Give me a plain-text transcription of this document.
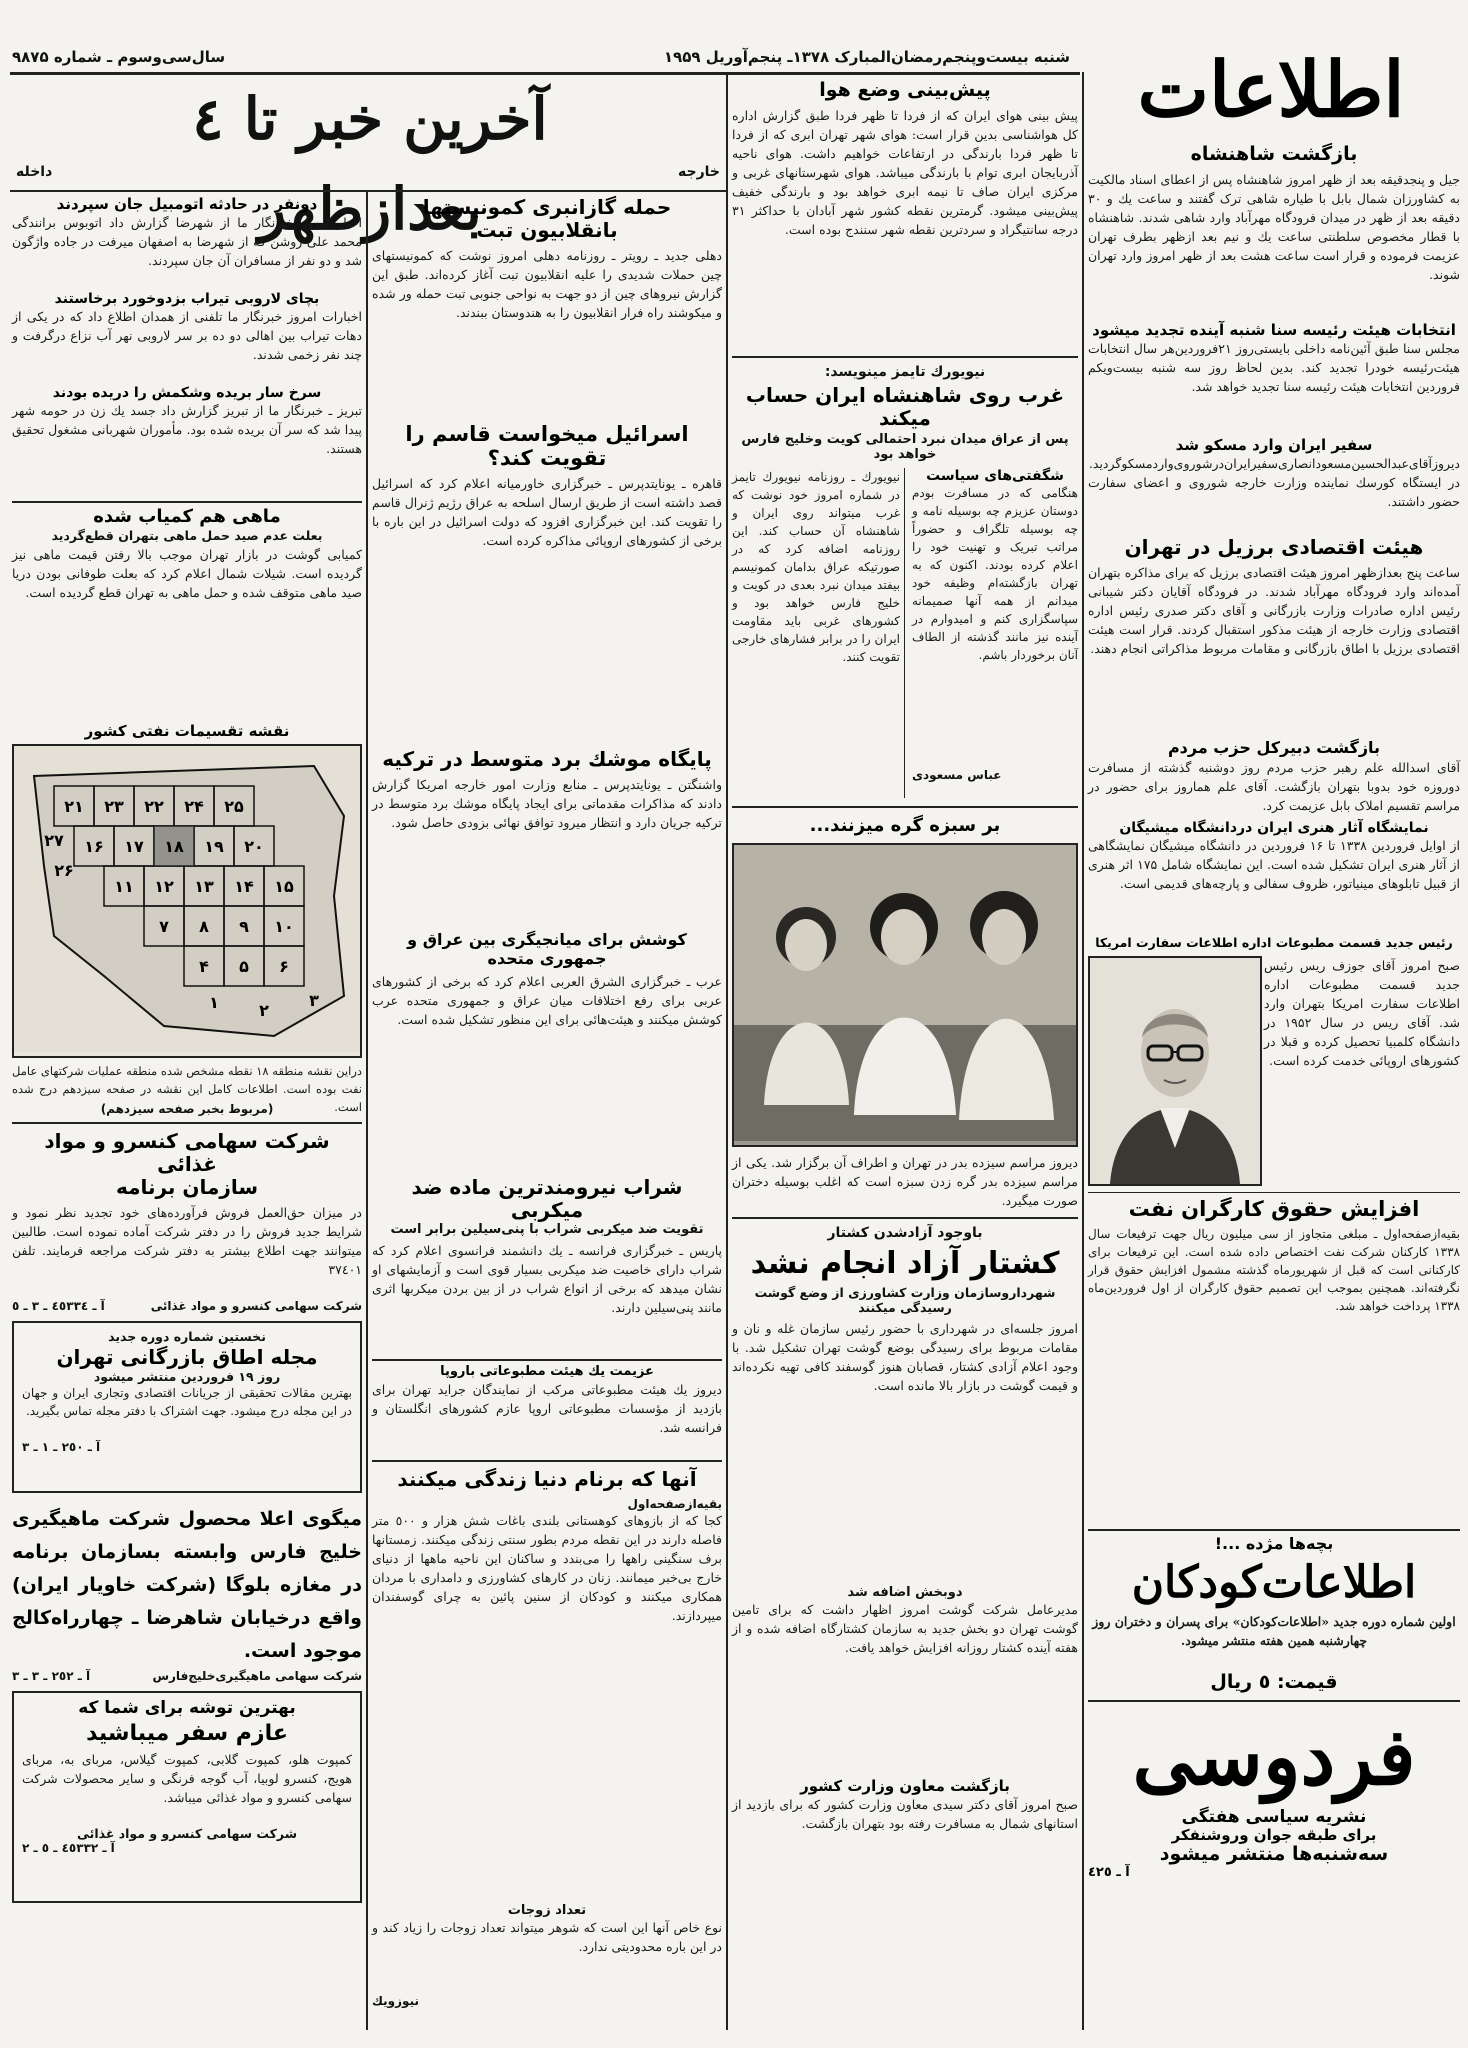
اطلاعات
شنبه بیست‌وپنجم‌رمضان‌المبارک ۱۳۷۸ـ پنجم‌آوریل ۱۹۵۹
سال‌سی‌وسوم ـ شماره ۹۸۷۵
آخرین خبر تا ٤ بعدازظهر
داخله	خارجه
بازگشت شاهنشاه
جیل و پنجدقیقه بعد از ظهر امروز شاهنشاه پس از اعطای اسناد مالکیت به کشاورزان شمال بابل با طیاره شاهی ترک گفتند و ساعت یك و ۳۰ دقیقه بعد از ظهر در میدان فرودگاه مهرآباد وارد شاهی شدند. شاهنشاه با قطار مخصوص سلطنتی ساعت یك و نیم بعد ازظهر بطرف تهران عزیمت فرموده و قرار است ساعت هشت بعد از ظهر امروز وارد تهران شوند.
انتخابات هیئت رئیسه سنا شنبه آینده تجدید میشود
مجلس سنا طبق آئین‌نامه داخلی بایستی‌روز ۲۱فروردین‌هر سال انتخابات هیئت‌رئیسه خودرا تجدید کند. بدین لحاظ روز سه شنبه بیست‌ویکم فروردین انتخابات هیئت رئیسه سنا تجدید خواهد شد.
سفیر ایران وارد مسکو شد
دیروزآقای‌عبدالحسین‌مسعود‌انصاری‌سفیر‌ایران‌درشوروی‌واردمسکوگردید. در ایستگاه کورسك نماینده وزارت خارجه شوروی و اعضای سفارت حضور داشتند.
هیئت اقتصادی برزیل در تهران
ساعت پنج بعدازظهر امروز هیئت اقتصادی برزیل که برای مذاکره بتهران آمده‌اند وارد فرودگاه مهرآباد شدند. در فرودگاه آقایان دکتر شیبانی رئیس اداره صادرات وزارت بازرگانی و آقای دکتر صدری رئیس اداره اقتصادی وزارت خارجه از هیئت مذکور استقبال کردند. قرار است هیئت اقتصادی برزیل با اطاق بازرگانی و مقامات مربوط مذاکراتی انجام دهند.
بازگشت دبیرکل حزب مردم
آقای اسدالله علم رهبر حزب مردم روز دوشنبه گذشته از مسافرت دوروزه خود بدوبا بتهران بازگشت. آقای علم هماروز برای حضور در مراسم تقسیم املاک بابل عزیمت کرد.
نمایشگاه آثار هنری ایران دردانشگاه میشیگان
از اوایل فروردین ۱۳۳۸ تا ۱۶ فروردین در دانشگاه میشیگان نمایشگاهی از آثار هنری ایران تشکیل شده است. این نمایشگاه شامل ۱۷۵ اثر هنری از قبیل تابلوهای مینیاتور، ظروف سفالی و پارچه‌های قدیمی است.
رئیس جدید قسمت مطبوعات اداره اطلاعات سفارت امریکا
صبح امروز آقای جوزف ریس رئیس جدید قسمت مطبوعات اداره اطلاعات سفارت امریکا بتهران وارد شد. آقای ریس در سال ۱۹۵۲ در دانشگاه کلمبیا تحصیل کرده و قبلا در کشورهای اروپائی خدمت کرده است.
افزایش حقوق کارگران نفت
بقیه‌ازصفحه‌اول ـ مبلغی متجاوز از سی میلیون ریال جهت ترفیعات سال ۱۳۳۸ کارکنان شرکت نفت اختصاص داده شده است. این ترفیعات برای کارکنانی است که قبل از شهریورماه گذشته مشمول افزایش حقوق قرار نگرفته‌اند. همچنین بموجب این تصمیم حقوق کارگران از اول فروردین‌ماه ۱۳۳۸ پرداخت خواهد شد.
بچه‌ها مژده ...!
اطلاعات‌کودکان
اولین شماره دوره جدید «اطلاعات‌کودکان» برای پسران و دختران روز چهارشنبه همین هفته منتشر میشود.
قیمت: ٥ ریال
فردوسی
نشریه سیاسی هفتگی
برای طبقه جوان وروشنفکر
سه‌شنبه‌ها منتشر میشود
آ ـ ٤٢٥
پیش‌بینی وضع هوا
پیش بینی هوای ایران که از فردا تا ظهر فردا طبق گزارش اداره کل هواشناسی بدین قرار است: هوای شهر تهران ابری که از فردا تا ظهر فردا بارندگی در ارتفاعات خواهیم داشت. هوای ناحیه آذربایجان ابری توام با بارندگی میباشد. هوای شهرستانهای غربی و مرکزی ایران صاف تا نیمه ابری خواهد بود و بارندگی خفیف پیش‌بینی میشود. گرمترین نقطه کشور شهر آبادان با حداکثر ۳۱ درجه سانتیگراد و سردترین نقطه شهر سنندج بوده است.
نیویورك تایمز مینویسد:
غرب روی شاهنشاه ایران حساب میکند
پس از عراق میدان نبرد احتمالی کویت وخلیج فارس خواهد بود
نیویورك ـ روزنامه نیویورك تایمز در شماره امروز خود نوشت که غرب میتواند روی ایران و شاهنشاه آن حساب کند. این روزنامه اضافه کرد که در صورتیکه عراق بدامان کمونیسم بیفتد میدان نبرد بعدی در کویت و خلیج فارس خواهد بود و کشورهای غربی باید مقاومت ایران را در برابر فشارهای خارجی تقویت کنند.
شگفتی‌های سیاست
هنگامی که در مسافرت بودم دوستان عزیزم چه بوسیله نامه و چه بوسیله تلگراف و حضوراً مراتب تبریک و تهنیت خود را اعلام کرده بودند. اکنون که به تهران بازگشته‌ام وظیفه خود میدانم از همه آنها صمیمانه سپاسگزاری کنم و امیدوارم در آینده نیز مانند گذشته از الطاف آنان برخوردار باشم.
عباس مسعودی
بر سبزه گره میزنند...
دیروز مراسم سیزده بدر در تهران و اطراف آن برگزار شد. یکی از مراسم سیزده بدر گره زدن سبزه است که اغلب بوسیله دختران صورت میگیرد.
باوجود آزادشدن کشتار
کشتار آزاد انجام نشد
شهرداروسازمان‌ وزارت‌ کشاورزی از وضع گوشت رسیدگی میکنند
امروز جلسه‌ای در شهرداری با حضور رئیس سازمان غله و نان و مقامات مربوط برای رسیدگی بوضع گوشت تهران تشکیل شد. با وجود اعلام آزادی کشتار، قصابان هنوز گوسفند کافی تهیه نکرده‌اند و قیمت گوشت در بازار بالا مانده است.
دوبخش اضافه شد
مدیرعامل شرکت گوشت امروز اظهار داشت که برای تامین گوشت تهران دو بخش جدید به سازمان کشتارگاه اضافه شده و از هفته آینده کشتار روزانه افزایش خواهد یافت.
بازگشت معاون وزارت کشور
صبح امروز آقای دکتر سیدی معاون وزارت کشور که برای بازدید از استانهای شمال به مسافرت رفته بود بتهران بازگشت.
حمله گازانبری کمونیستها بانقلابیون تبت
دهلی جدید ـ رویتر ـ روزنامه دهلی امروز نوشت که کمونیستهای چین حملات شدیدی را علیه انقلابیون تبت آغاز کرده‌اند. طبق این گزارش نیروهای چین از دو جهت به نواحی جنوبی تبت حمله ور شده و میکوشند راه فرار انقلابیون را به هندوستان ببندند.
اسرائیل میخواست قاسم را تقویت کند؟
قاهره ـ یونایتدپرس ـ خبرگزاری خاورمیانه اعلام کرد که اسرائیل قصد داشته است از طریق ارسال اسلحه به عراق رژیم ژنرال قاسم را تقویت کند. این خبرگزاری افزود که دولت اسرائیل در این باره با برخی از کشورهای اروپائی مذاکره کرده است.
پایگاه موشك برد متوسط در ترکیه
واشنگتن ـ یونایتدپرس ـ منابع وزارت امور خارجه امریکا گزارش دادند که مذاکرات مقدماتی برای ایجاد پایگاه موشك برد متوسط در ترکیه جریان دارد و انتظار میرود توافق نهائی بزودی حاصل شود.
کوشش برای میانجیگری بین عراق و جمهوری متحده
عرب ـ خبرگزاری الشرق العربی اعلام کرد که برخی از کشورهای عربی برای رفع اختلافات میان عراق و جمهوری متحده عرب کوشش میکنند و هیئت‌هائی برای این منظور تشکیل شده است.
شراب نیرومندترین ماده ضد میکربی
تقویت ضد میکربی شراب با پنی‌سیلین برابر است
پاریس ـ خبرگزاری فرانسه ـ یك دانشمند فرانسوی اعلام کرد که شراب دارای خاصیت ضد میکربی بسیار قوی است و آزمایشهای او نشان میدهد که برخی از انواع شراب در از بین بردن میکربها اثری مانند پنی‌سیلین دارند.
عزیمت یك هیئت مطبوعاتی باروپا
دیروز یك هیئت مطبوعاتی مرکب از نمایندگان جراید تهران برای بازدید از مؤسسات مطبوعاتی اروپا عازم کشورهای انگلستان و فرانسه شد.
آنها که برنام دنیا زندگی میکنند
بقیه‌ازصفحه‌اول
کجا که از بازوهای کوهستانی بلندی باغات شش هزار و ٥٠٠ متر فاصله دارند در این نقطه مردم بطور سنتی زندگی میکنند. زمستانها برف سنگینی راهها را می‌بندد و ساکنان این ناحیه ماهها از دنیای خارج بی‌خبر میمانند. زنان در کارهای کشاورزی و دامداری با مردان همکاری میکنند و کودکان از سنین پائین به چرای گوسفندان میپردازند.
تعداد زوجات
نوع خاص آنها این است که شوهر میتواند تعداد زوجات را زیاد کند و در این باره محدودیتی ندارد.
نیوزویك
دونفر در حادثه اتومبیل جان سپردند
اخبار امروز خبرنگار ما از شهرضا گزارش داد اتوبوس برانندگی محمد علی روشن که از شهرضا به اصفهان میرفت در جاده واژگون شد و دو نفر از مسافران آن جان سپردند.
بچای لاروبی تیراب بزدوخورد برخاستند
اخبارات امروز خبرنگار ما تلفنی از همدان اطلاع داد که در یکی از دهات تیراب بین اهالی دو ده بر سر لاروبی نهر آب نزاع درگرفت و چند نفر زخمی شدند.
سرخ سار بریده وشکمش را دریده بودند
تبریز ـ خبرنگار ما از تبریز گزارش داد جسد یك زن در حومه شهر پیدا شد که سر آن بریده شده بود. مأموران شهربانی مشغول تحقیق هستند.
ماهی هم کمیاب شده
بعلت عدم صید حمل ماهی بتهران قطع‌گردید
کمیابی گوشت در بازار تهران موجب بالا رفتن قیمت ماهی نیز گردیده است. شیلات شمال اعلام کرد که بعلت طوفانی بودن دریا صید ماهی متوقف شده و حمل ماهی به تهران قطع گردیده است.
نقشه تقسیمات نفتی کشور
۲۵
۲۴
۲۲
۲۳
۲۱
۲۰
۱۹
۱۸
۱۷
۱۶
۱۵
۱۴
۱۳
۱۲
۱۱
۱۰
۹
۸
۷
۶
۵
۴
۳
۲
۱
۲۶
۲۷
دراین نقشه منطقه ۱۸ نقطه مشخص شده منطقه عملیات شرکتهای عامل نفت بوده است. اطلاعات کامل این نقشه در صفحه سیزدهم درج شده است.
(مربوط بخبر صفحه سیزدهم)
شرکت سهامی کنسرو و مواد غذائی
سازمان برنامه
در میزان حق‌العمل فروش فرآورده‌های خود تجدید نظر نمود و شرایط جدید فروش را در دفتر شرکت آماده نموده است. طالبین میتوانند جهت اطلاع بیشتر به دفتر شرکت مراجعه فرمایند. تلفن ۳۷٤۰۱
شرکت سهامی کنسرو و مواد غذائی
آ ـ ٤٥٣٣٤ ـ ٣ ـ ٥
نخستین شماره دوره جدید
مجله اطاق بازرگانی تهران
روز ۱۹ فروردین منتشر میشود
بهترین مقالات تحقیقی از جریانات اقتصادی وتجاری ایران و جهان در این مجله درج میشود. جهت اشتراک با دفتر مجله تماس بگیرید.
آ ـ ٢٥٠ ـ ١ ـ ٣
میگوی اعلا محصول شرکت ماهیگیری خلیج فارس وابسته بسازمان برنامه در مغازه بلوگا (شرکت خاویار ایران) واقع درخیابان شاهرضا ـ چهارراه‌کالج موجود است.
شرکت سهامی ماهیگیری‌خلیج‌فارس
آ ـ ٢٥٢ ـ ٣ ـ ٣
بهترین توشه برای شما که
عازم سفر میباشید
کمپوت هلو، کمپوت گلابی، کمپوت گیلاس، مربای به، مربای هویج، کنسرو لوبیا، آب گوجه فرنگی و سایر محصولات شرکت سهامی کنسرو و مواد غذائی میباشد.
شرکت سهامی کنسرو و مواد غذائی
آ ـ ٤٥٣٣٢ ـ ٥ ـ ٢
